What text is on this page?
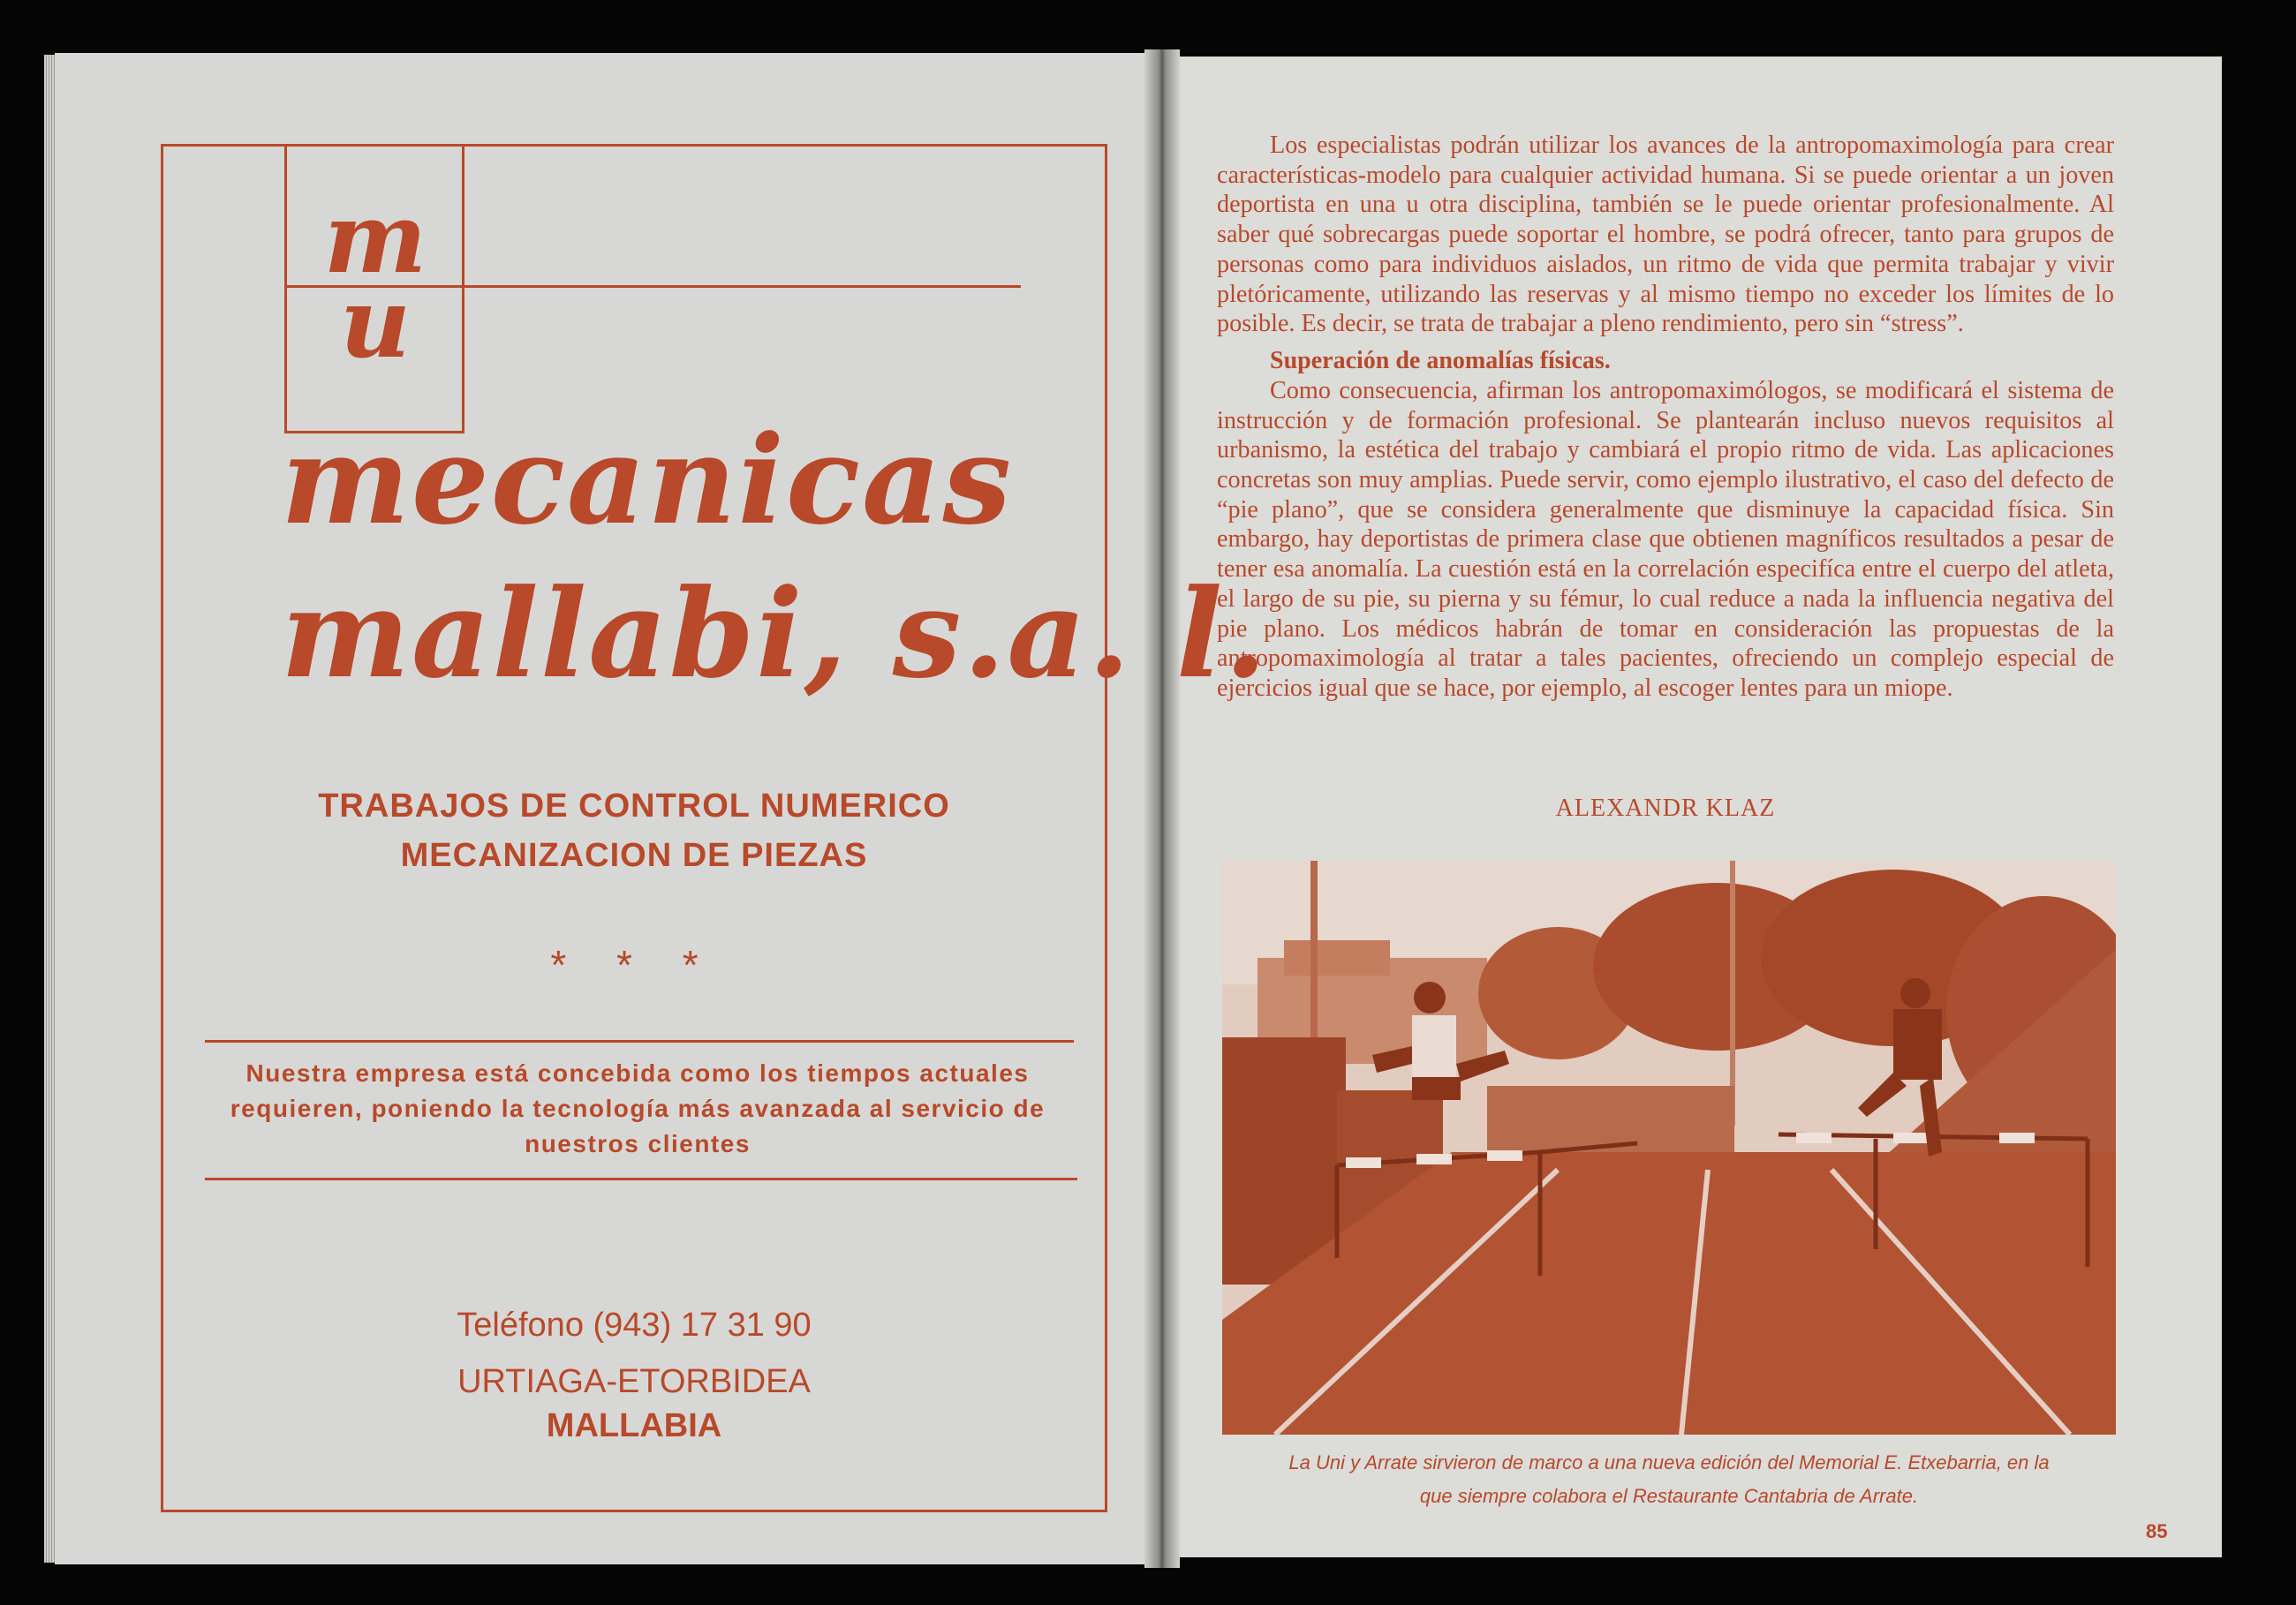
m
u
mecanicas
mallabi, s.a. l.
TRABAJOS DE CONTROL NUMERICO
MECANIZACION DE PIEZAS
* * *
Nuestra empresa está concebida como los tiempos actuales requieren, poniendo la tecnología más avanzada al servicio de nuestros clientes
Teléfono (943) 17 31 90
URTIAGA-ETORBIDEA
MALLABIA

Los especialistas podrán utilizar los avances de la antropomaximología para crear características-modelo para cualquier actividad humana. Si se puede orientar a un joven deportista en una u otra disciplina, también se le puede orientar profesionalmente. Al saber qué sobrecargas puede soportar el hombre, se podrá ofrecer, tanto para grupos de personas como para individuos aislados, un ritmo de vida que permita trabajar y vivir pletóricamente, utilizando las reservas y al mismo tiempo no exceder los límites de lo posible. Es decir, se trata de trabajar a pleno rendimiento, pero sin “stress”.

Superación de anomalías físicas.

Como consecuencia, afirman los antropomaximólogos, se modificará el sistema de instrucción y de formación profesional. Se plantearán incluso nuevos requisitos al urbanismo, la estética del trabajo y cambiará el propio ritmo de vida. Las aplicaciones concretas son muy amplias. Puede servir, como ejemplo ilustrativo, el caso del defecto de “pie plano”, que se considera generalmente que disminuye la capacidad física. Sin embargo, hay deportistas de primera clase que obtienen magníficos resultados a pesar de tener esa anomalía. La cuestión está en la correlación especifíca entre el cuerpo del atleta, el largo de su pie, su pierna y su fémur, lo cual reduce a nada la influencia negativa del pie plano. Los médicos habrán de tomar en consideración las propuestas de la antropomaximología al tratar a tales pacientes, ofreciendo un complejo especial de ejercicios igual que se hace, por ejemplo, al escoger lentes para un miope.

ALEXANDR KLAZ
La Uni y Arrate sirvieron de marco a una nueva edición del Memorial E. Etxebarria, en la
que siempre colabora el Restaurante Cantabria de Arrate.
85
